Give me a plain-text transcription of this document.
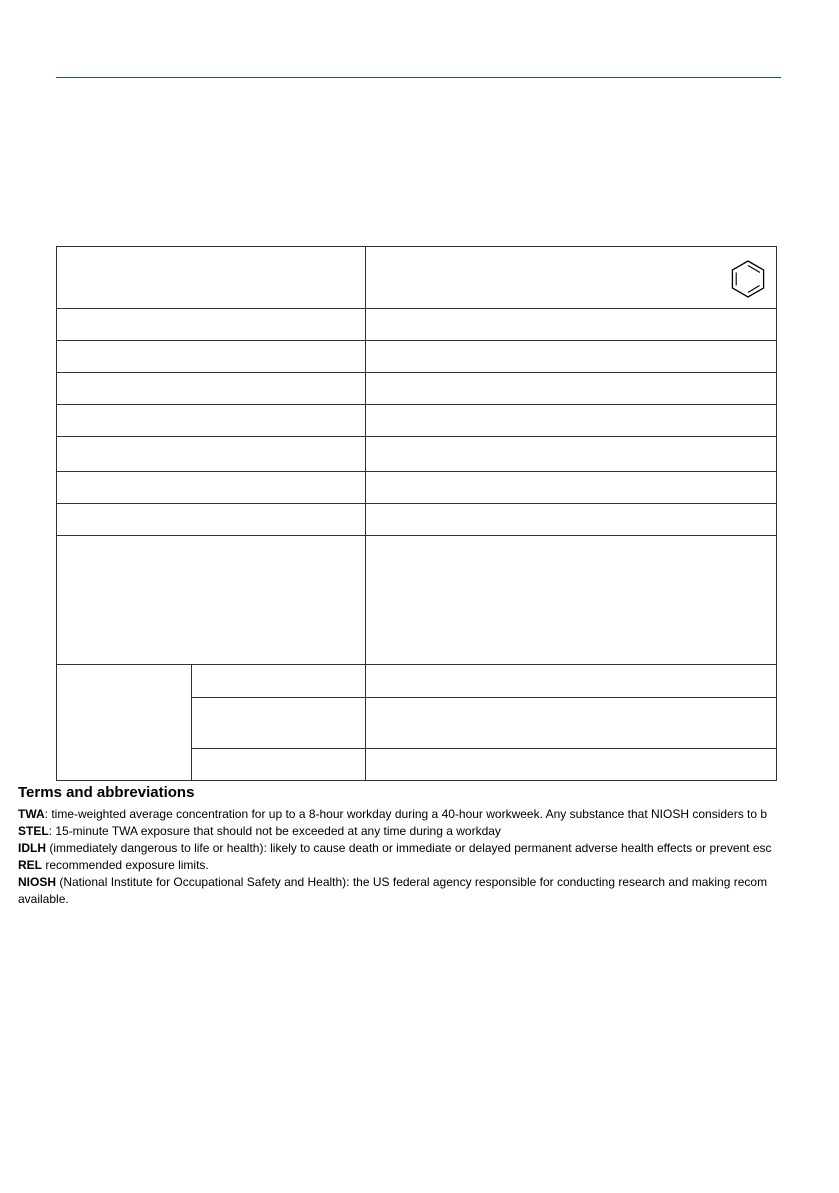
Terms and abbreviations
TWA: time-weighted average concentration for up to a 8-hour workday during a 40-hour workweek. Any substance that NIOSH considers to b
STEL: 15-minute TWA exposure that should not be exceeded at any time during a workday
IDLH (immediately dangerous to life or health): likely to cause death or immediate or delayed permanent adverse health effects or prevent esc
REL recommended exposure limits.
NIOSH (National Institute for Occupational Safety and Health): the US federal agency responsible for conducting research and making recom
available.
